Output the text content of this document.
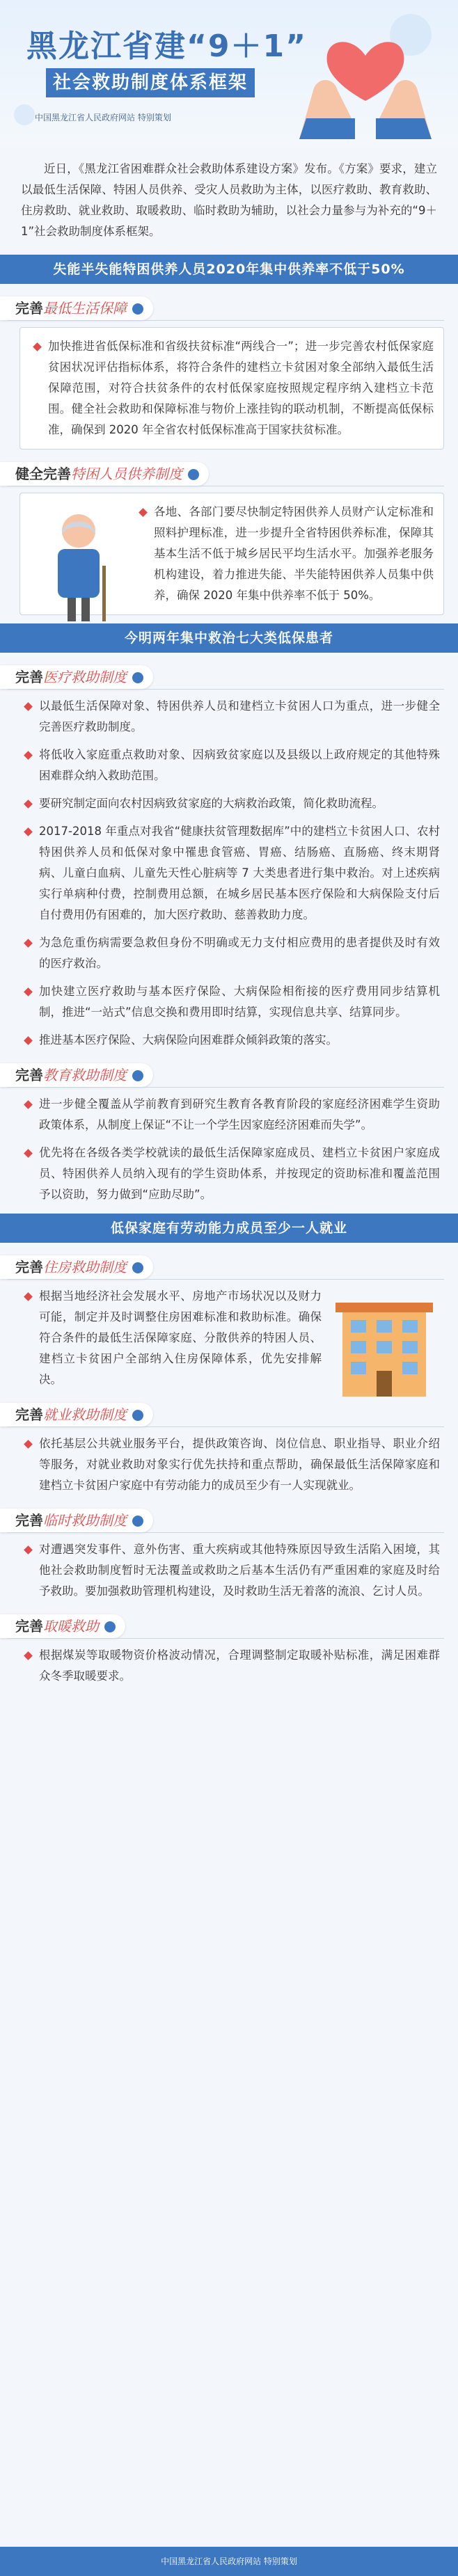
黑龙江省建“9＋1”
社会救助制度体系框架
中国黑龙江省人民政府网站 特别策划
近日，《黑龙江省困难群众社会救助体系建设方案》发布。《方案》要求，建立以最低生活保障、特困人员供养、受灾人员救助为主体，以医疗救助、教育救助、住房救助、就业救助、取暖救助、临时救助为辅助，以社会力量参与为补充的“9＋1”社会救助制度体系框架。
失能半失能特困供养人员2020年集中供养率不低于50%
完善最低生活保障
加快推进省低保标准和省级扶贫标准“两线合一”；进一步完善农村低保家庭贫困状况评估指标体系，将符合条件的建档立卡贫困对象全部纳入最低生活保障范围，对符合扶贫条件的农村低保家庭按照规定程序纳入建档立卡范围。健全社会救助和保障标准与物价上涨挂钩的联动机制，不断提高低保标准，确保到 2020 年全省农村低保标准高于国家扶贫标准。
健全完善特困人员供养制度
各地、各部门要尽快制定特困供养人员财产认定标准和照料护理标准，进一步提升全省特困供养标准，保障其基本生活不低于城乡居民平均生活水平。加强养老服务机构建设，着力推进失能、半失能特困供养人员集中供养，确保 2020 年集中供养率不低于 50%。
今明两年集中救治七大类低保患者
完善医疗救助制度
以最低生活保障对象、特困供养人员和建档立卡贫困人口为重点，进一步健全完善医疗救助制度。
将低收入家庭重点救助对象、因病致贫家庭以及县级以上政府规定的其他特殊困难群众纳入救助范围。
要研究制定面向农村因病致贫家庭的大病救治政策，简化救助流程。
2017-2018 年重点对我省“健康扶贫管理数据库”中的建档立卡贫困人口、农村特困供养人员和低保对象中罹患食管癌、胃癌、结肠癌、直肠癌、终末期肾病、儿童白血病、儿童先天性心脏病等 7 大类患者进行集中救治。对上述疾病实行单病种付费，控制费用总额，在城乡居民基本医疗保险和大病保险支付后自付费用仍有困难的，加大医疗救助、慈善救助力度。
为急危重伤病需要急救但身份不明确或无力支付相应费用的患者提供及时有效的医疗救治。
加快建立医疗救助与基本医疗保险、大病保险相衔接的医疗费用同步结算机制，推进“一站式”信息交换和费用即时结算，实现信息共享、结算同步。
推进基本医疗保险、大病保险向困难群众倾斜政策的落实。
完善教育救助制度
进一步健全覆盖从学前教育到研究生教育各教育阶段的家庭经济困难学生资助政策体系，从制度上保证“不让一个学生因家庭经济困难而失学”。
优先将在各级各类学校就读的最低生活保障家庭成员、建档立卡贫困户家庭成员、特困供养人员纳入现有的学生资助体系，并按现定的资助标准和覆盖范围予以资助，努力做到“应助尽助”。
低保家庭有劳动能力成员至少一人就业
完善住房救助制度
根据当地经济社会发展水平、房地产市场状况以及财力可能，制定并及时调整住房困难标准和救助标准。确保符合条件的最低生活保障家庭、分散供养的特困人员、建档立卡贫困户全部纳入住房保障体系，优先安排解决。
完善就业救助制度
依托基层公共就业服务平台，提供政策咨询、岗位信息、职业指导、职业介绍等服务，对就业救助对象实行优先扶持和重点帮助，确保最低生活保障家庭和建档立卡贫困户家庭中有劳动能力的成员至少有一人实现就业。
完善临时救助制度
对遭遇突发事件、意外伤害、重大疾病或其他特殊原因导致生活陷入困境，其他社会救助制度暂时无法覆盖或救助之后基本生活仍有严重困难的家庭及时给予救助。要加强救助管理机构建设，及时救助生活无着落的流浪、乞讨人员。
完善取暖救助
根据煤炭等取暖物资价格波动情况，合理调整制定取暖补贴标准，满足困难群众冬季取暖要求。
中国黑龙江省人民政府网站 特别策划
